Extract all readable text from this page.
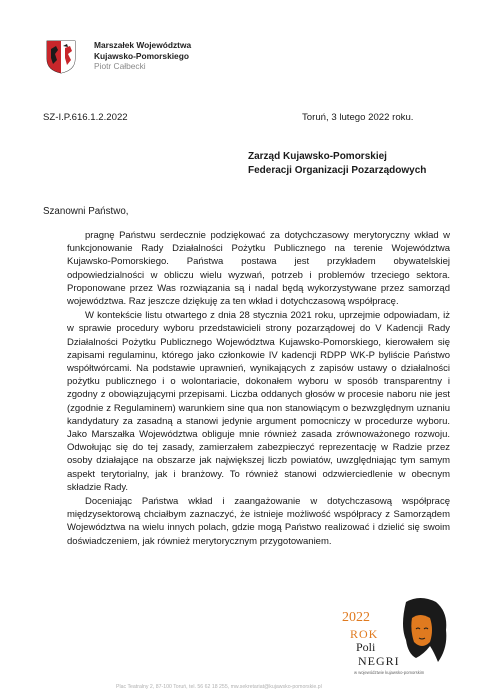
Marszałek Województwa
Kujawsko-Pomorskiego
Piotr Całbecki
SZ-I.P.616.1.2.2022	Toruń, 3 lutego 2022 roku.
Zarząd Kujawsko-Pomorskiej
Federacji Organizacji Pozarządowych
Szanowni Państwo,

pragnę Państwu serdecznie podziękować za dotychczasowy merytoryczny wkład w funkcjonowanie Rady Działalności Pożytku Publicznego na terenie Województwa Kujawsko-Pomorskiego. Państwa postawa jest przykładem obywatelskiej odpowiedzialności w obliczu wielu wyzwań, potrzeb i problemów trzeciego sektora. Proponowane przez Was rozwiązania są i nadal będą wykorzystywane przez samorząd województwa. Raz jeszcze dziękuję za ten wkład i dotychczasową współpracę.

W kontekście listu otwartego z dnia 28 stycznia 2021 roku, uprzejmie odpowiadam, iż w sprawie procedury wyboru przedstawicieli strony pozarządowej do V Kadencji Rady Działalności Pożytku Publicznego Województwa Kujawsko-Pomorskiego, kierowałem się zapisami regulaminu, którego jako członkowie IV kadencji RDPP WK-P byliście Państwo współtwórcami. Na podstawie uprawnień, wynikających z zapisów ustawy o działalności pożytku publicznego i o wolontariacie, dokonałem wyboru w sposób transparentny i zgodny z obowiązującymi przepisami. Liczba oddanych głosów w procesie naboru nie jest (zgodnie z Regulaminem) warunkiem sine qua non stanowiącym o bezwzględnym uznaniu kandydatury za zasadną a stanowi jedynie argument pomocniczy w procedurze wyboru. Jako Marszałka Województwa obliguje mnie również zasada zrównoważonego rozwoju. Odwołując się do tej zasady, zamierzałem zabezpieczyć reprezentację w Radzie przez osoby działające na obszarze jak największej liczb powiatów, uwzględniając tym samym aspekt terytorialny, jak i branżowy. To również stanowi odzwierciedlenie w obecnym składzie Rady.

Doceniając Państwa wkład i zaangażowanie w dotychczasową współpracę międzysektorową chciałbym zaznaczyć, że istnieje możliwość współpracy z Samorządem Województwa na wielu innych polach, gdzie mogą Państwo realizować i dzielić się swoim doświadczeniem, jak również merytorycznym przygotowaniem.

2022
ROK
Poli
NEGRI
w województwie kujawsko-pomorskim
Plac Teatralny 2, 87-100 Toruń, tel. 56 62 18 255, mw.sekretariat@kujawsko-pomorskie.pl
